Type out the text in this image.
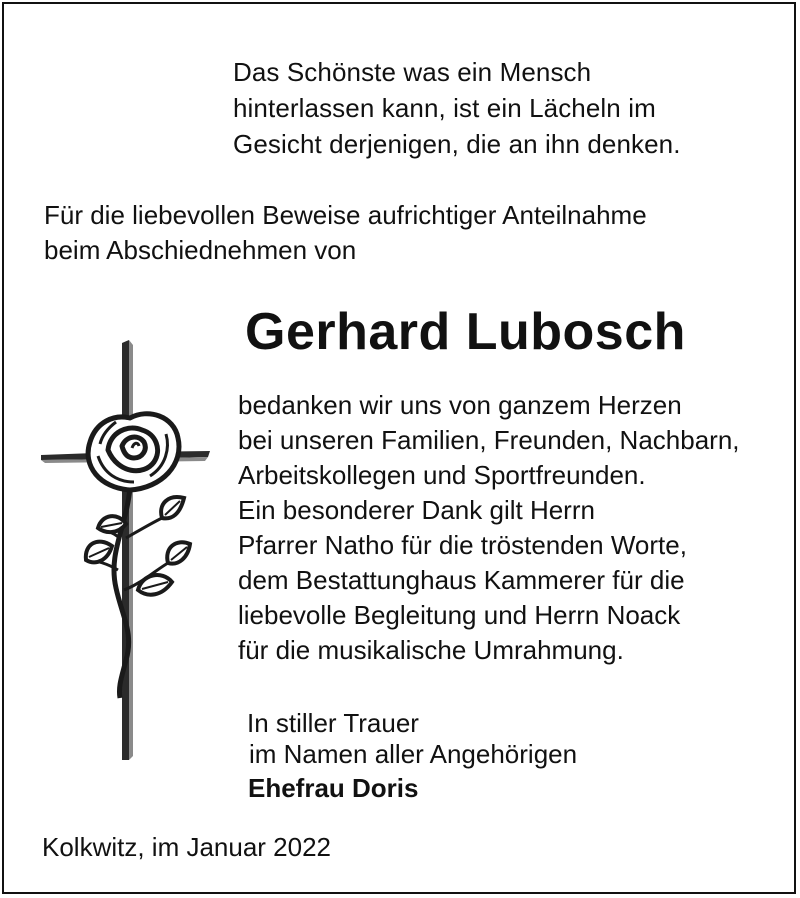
Das Schönste was ein Mensch
hinterlassen kann, ist ein Lächeln im
Gesicht derjenigen, die an ihn denken.

Für die liebevollen Beweise aufrichtiger Anteilnahme
beim Abschiednehmen von

Gerhard Lubosch

bedanken wir uns von ganzem Herzen
bei unseren Familien, Freunden, Nachbarn,
Arbeitskollegen und Sportfreunden.
Ein besonderer Dank gilt Herrn
Pfarrer Natho für die tröstenden Worte,
dem Bestattunghaus Kammerer für die
liebevolle Begleitung und Herrn Noack
für die musikalische Umrahmung.

In stiller Trauer
im Namen aller Angehörigen

Ehefrau Doris

Kolkwitz, im Januar 2022
